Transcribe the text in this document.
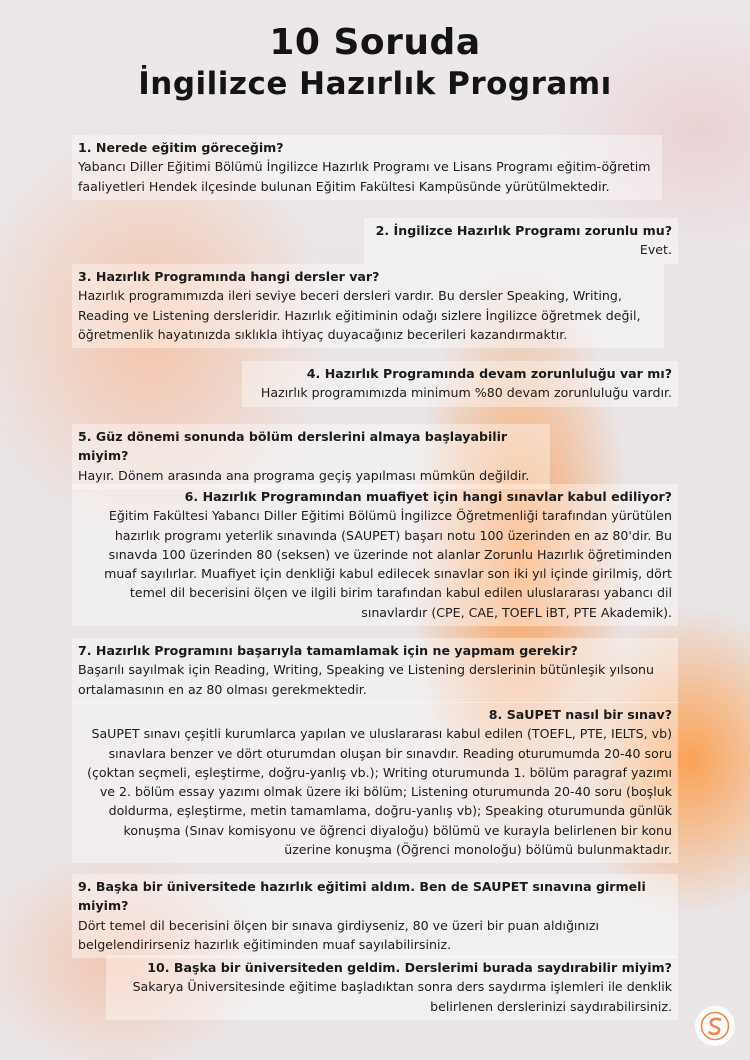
10 Soruda
İngilizce Hazırlık Programı
1. Nerede eğitim göreceğim?
Yabancı Diller Eğitimi Bölümü İngilizce Hazırlık Programı ve Lisans Programı eğitim-öğretim faaliyetleri Hendek ilçesinde bulunan Eğitim Fakültesi Kampüsünde yürütülmektedir.
2. İngilizce Hazırlık Programı zorunlu mu?
Evet.
3. Hazırlık Programında hangi dersler var?
Hazırlık programımızda ileri seviye beceri dersleri vardır. Bu dersler Speaking, Writing, Reading ve Listening dersleridir. Hazırlık eğitiminin odağı sizlere İngilizce öğretmek değil, öğretmenlik hayatınızda sıklıkla ihtiyaç duyacağınız becerileri kazandırmaktır.
4. Hazırlık Programında devam zorunluluğu var mı?
Hazırlık programımızda minimum %80 devam zorunluluğu vardır.
5. Güz dönemi sonunda bölüm derslerini almaya başlayabilir miyim?
Hayır. Dönem arasında ana programa geçiş yapılması mümkün değildir.
6. Hazırlık Programından muafiyet için hangi sınavlar kabul ediliyor?
Eğitim Fakültesi Yabancı Diller Eğitimi Bölümü İngilizce Öğretmenliği tarafından yürütülen hazırlık programı yeterlik sınavında (SAUPET) başarı notu 100 üzerinden en az 80'dir. Bu sınavda 100 üzerinden 80 (seksen) ve üzerinde not alanlar Zorunlu Hazırlık öğretiminden muaf sayılırlar. Muafiyet için denkliği kabul edilecek sınavlar son iki yıl içinde girilmiş, dört temel dil becerisini ölçen ve ilgili birim tarafından kabul edilen uluslararası yabancı dil sınavlardır (CPE, CAE, TOEFL iBT, PTE Akademik).
7. Hazırlık Programını başarıyla tamamlamak için ne yapmam gerekir?
Başarılı sayılmak için Reading, Writing, Speaking ve Listening derslerinin bütünleşik yılsonu ortalamasının en az 80 olması gerekmektedir.
8. SaUPET nasıl bir sınav?
SaUPET sınavı çeşitli kurumlarca yapılan ve uluslararası kabul edilen (TOEFL, PTE, IELTS, vb) sınavlara benzer ve dört oturumdan oluşan bir sınavdır. Reading oturumumda 20-40 soru (çoktan seçmeli, eşleştirme, doğru-yanlış vb.); Writing oturumunda 1. bölüm paragraf yazımı ve 2. bölüm essay yazımı olmak üzere iki bölüm; Listening oturumunda 20-40 soru (boşluk doldurma, eşleştirme, metin tamamlama, doğru-yanlış vb); Speaking oturumunda günlük konuşma (Sınav komisyonu ve öğrenci diyaloğu) bölümü ve kurayla belirlenen bir konu üzerine konuşma (Öğrenci monoloğu) bölümü bulunmaktadır.
9. Başka bir üniversitede hazırlık eğitimi aldım. Ben de SAUPET sınavına girmeli miyim?
Dört temel dil becerisini ölçen bir sınava girdiyseniz, 80 ve üzeri bir puan aldığınızı belgelendirirseniz hazırlık eğitiminden muaf sayılabilirsiniz.
10. Başka bir üniversiteden geldim. Derslerimi burada saydırabilir miyim?
Sakarya Üniversitesinde eğitime başladıktan sonra ders saydırma işlemleri ile denklik belirlenen derslerinizi saydırabilirsiniz.
